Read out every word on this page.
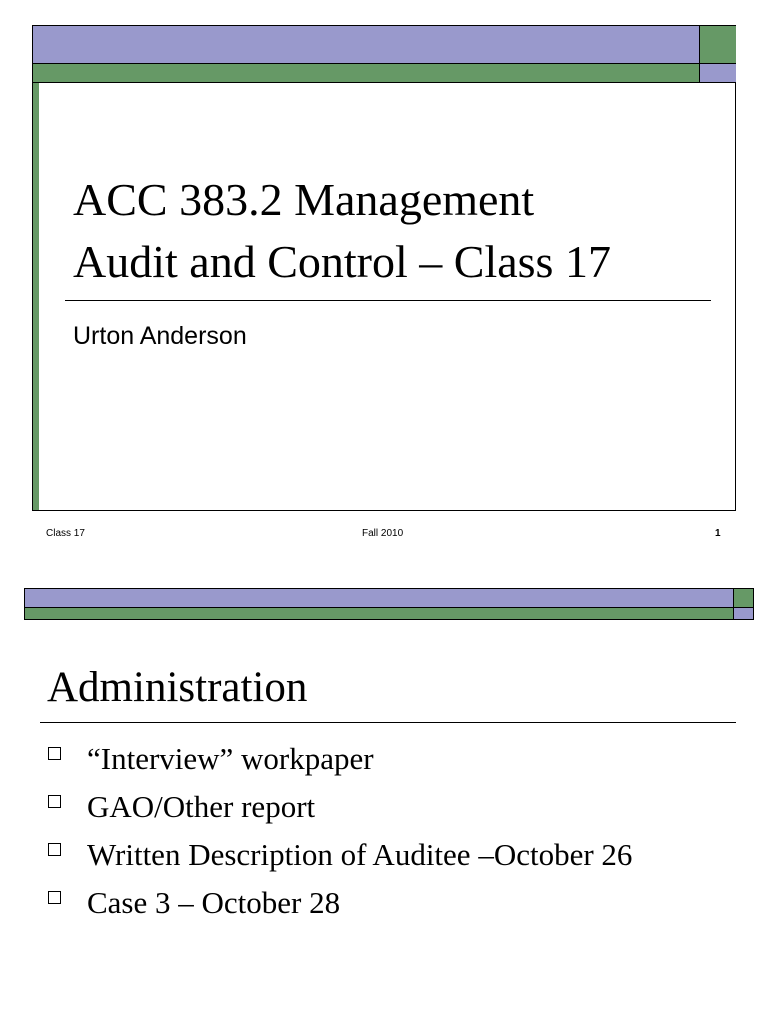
ACC 383.2 Management
Audit and Control – Class 17
Urton Anderson
Class 17	Fall 2010	1
Administration
“Interview” workpaper
GAO/Other report
Written Description of Auditee –October 26
Case 3 – October 28
